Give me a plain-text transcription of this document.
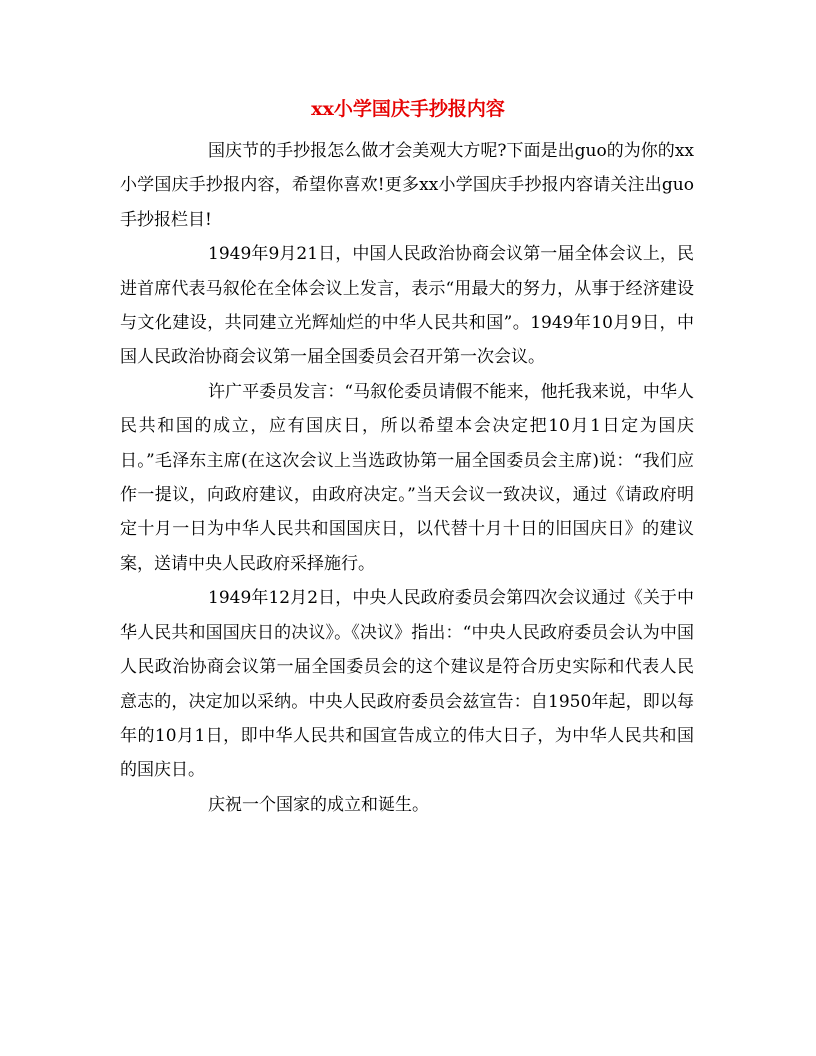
xx小学国庆手抄报内容

国庆节的手抄报怎么做才会美观大方呢?下面是出guo的为你的xx小学国庆手抄报内容，希望你喜欢!更多xx小学国庆手抄报内容请关注出guo手抄报栏目!

1949年9月21日，中国人民政治协商会议第一届全体会议上，民进首席代表马叙伦在全体会议上发言，表示“用最大的努力，从事于经济建设与文化建设，共同建立光辉灿烂的中华人民共和国”。1949年10月9日，中国人民政治协商会议第一届全国委员会召开第一次会议。

许广平委员发言：“马叙伦委员请假不能来，他托我来说，中华人民共和国的成立，应有国庆日，所以希望本会决定把10月1日定为国庆日。”毛泽东主席(在这次会议上当选政协第一届全国委员会主席)说：“我们应作一提议，向政府建议，由政府决定。”当天会议一致决议，通过《请政府明定十月一日为中华人民共和国国庆日，以代替十月十日的旧国庆日》的建议案，送请中央人民政府采择施行。

1949年12月2日，中央人民政府委员会第四次会议通过《关于中华人民共和国国庆日的决议》。《决议》指出：“中央人民政府委员会认为中国人民政治协商会议第一届全国委员会的这个建议是符合历史实际和代表人民意志的，决定加以采纳。中央人民政府委员会兹宣告：自1950年起，即以每年的10月1日，即中华人民共和国宣告成立的伟大日子，为中华人民共和国的国庆日。

庆祝一个国家的成立和诞生。
